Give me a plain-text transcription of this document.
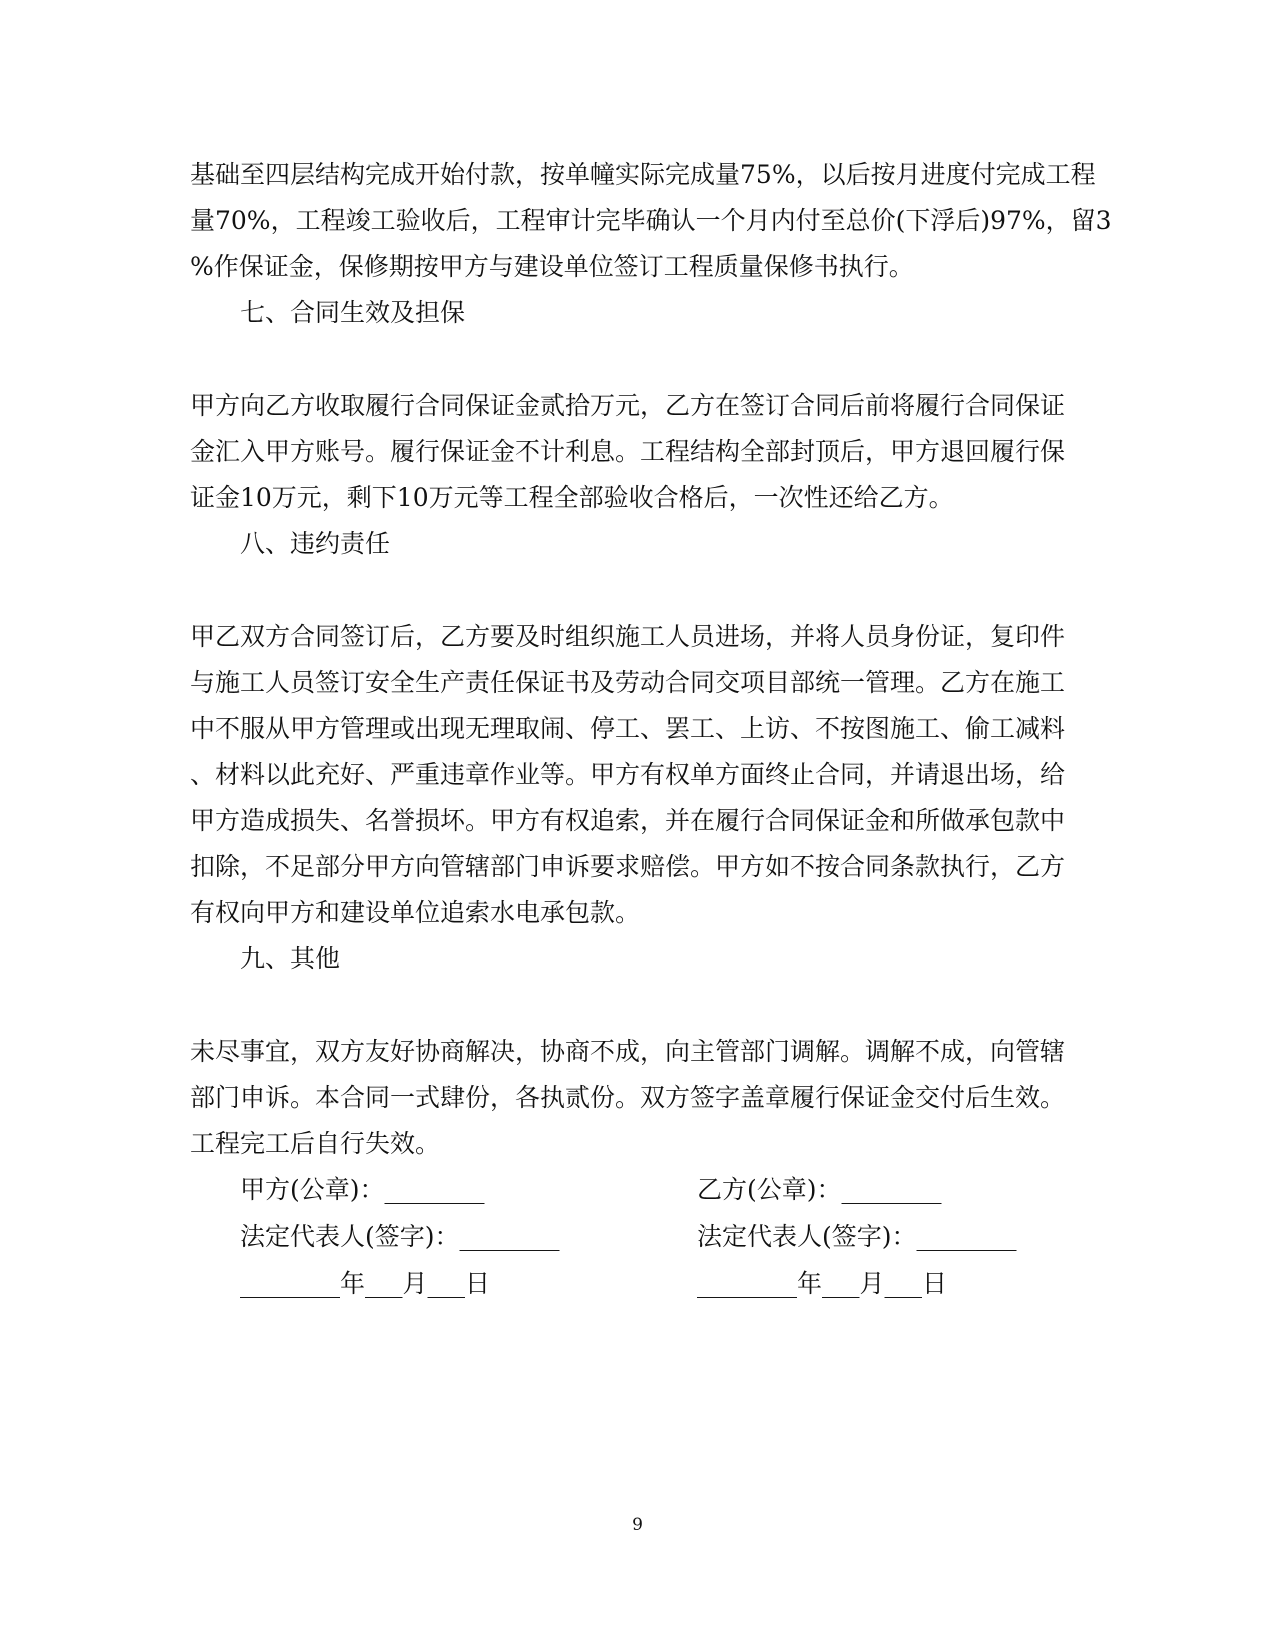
基础至四层结构完成开始付款，按单幢实际完成量75%，以后按月进度付完成工程
量70%，工程竣工验收后，工程审计完毕确认一个月内付至总价(下浮后)97%，留3
%作保证金，保修期按甲方与建设单位签订工程质量保修书执行。
七、合同生效及担保
甲方向乙方收取履行合同保证金贰拾万元，乙方在签订合同后前将履行合同保证
金汇入甲方账号。履行保证金不计利息。工程结构全部封顶后，甲方退回履行保
证金10万元，剩下10万元等工程全部验收合格后，一次性还给乙方。
八、违约责任
甲乙双方合同签订后，乙方要及时组织施工人员进场，并将人员身份证，复印件
与施工人员签订安全生产责任保证书及劳动合同交项目部统一管理。乙方在施工
中不服从甲方管理或出现无理取闹、停工、罢工、上访、不按图施工、偷工减料
、材料以此充好、严重违章作业等。甲方有权单方面终止合同，并请退出场，给
甲方造成损失、名誉损坏。甲方有权追索，并在履行合同保证金和所做承包款中
扣除，不足部分甲方向管辖部门申诉要求赔偿。甲方如不按合同条款执行，乙方
有权向甲方和建设单位追索水电承包款。
九、其他
未尽事宜，双方友好协商解决，协商不成，向主管部门调解。调解不成，向管辖
部门申诉。本合同一式肆份，各执贰份。双方签字盖章履行保证金交付后生效。
工程完工后自行失效。
甲方(公章)：________	乙方(公章)：________
法定代表人(签字)：________	法定代表人(签字)：________
________年___月___日	________年___月___日
9
